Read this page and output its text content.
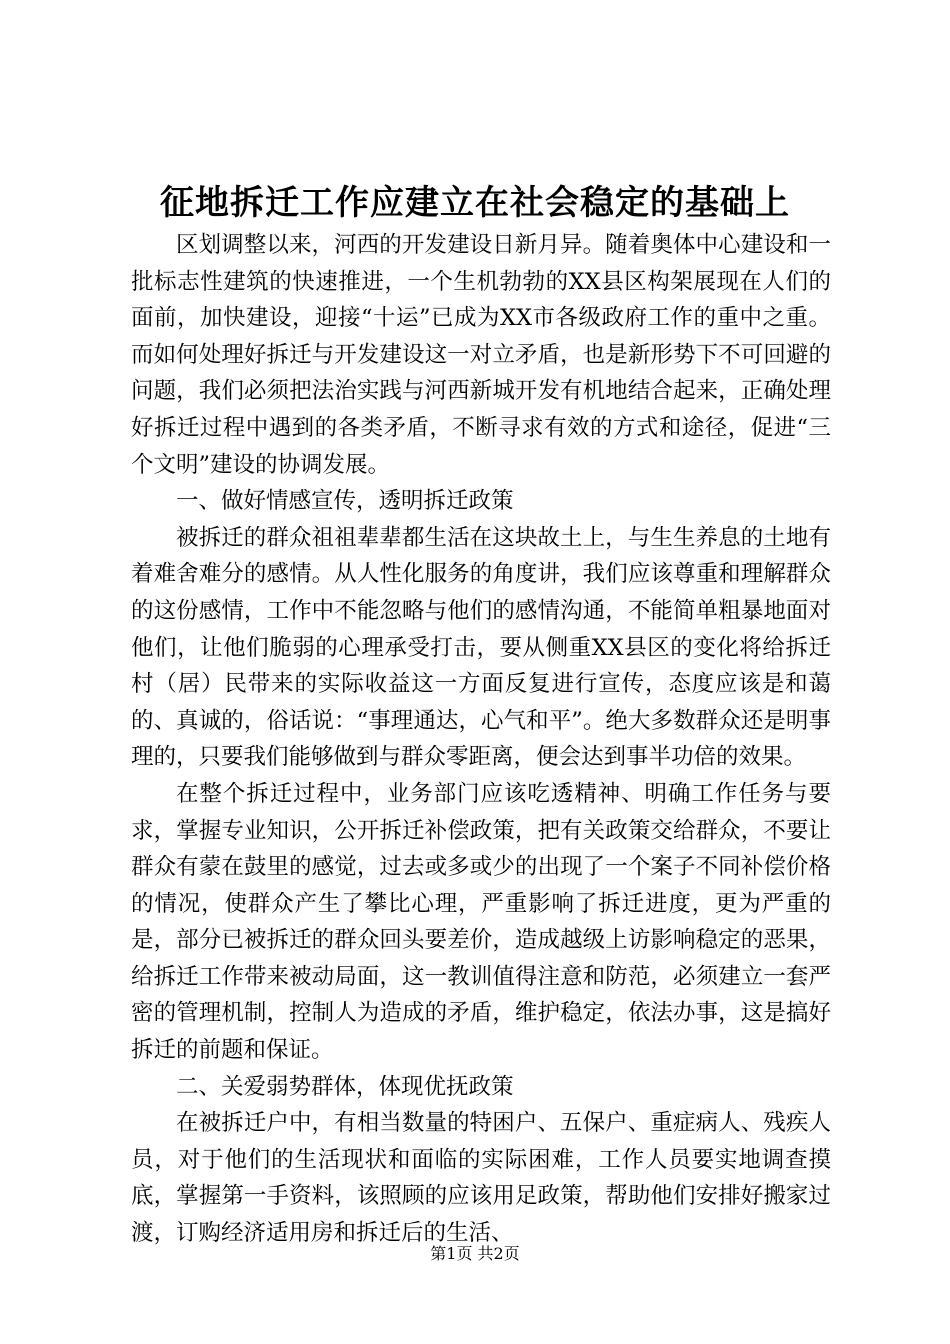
征地拆迁工作应建立在社会稳定的基础上

区划调整以来，河西的开发建设日新月异。随着奥体中心建设和一批标志性建筑的快速推进，一个生机勃勃的XX县区构架展现在人们的面前，加快建设，迎接“十运”已成为XX市各级政府工作的重中之重。而如何处理好拆迁与开发建设这一对立矛盾，也是新形势下不可回避的问题，我们必须把法治实践与河西新城开发有机地结合起来，正确处理好拆迁过程中遇到的各类矛盾，不断寻求有效的方式和途径，促进“三个文明”建设的协调发展。

一、做好情感宣传，透明拆迁政策

被拆迁的群众祖祖辈辈都生活在这块故土上，与生生养息的土地有着难舍难分的感情。从人性化服务的角度讲，我们应该尊重和理解群众的这份感情，工作中不能忽略与他们的感情沟通，不能简单粗暴地面对他们，让他们脆弱的心理承受打击，要从侧重XX县区的变化将给拆迁村（居）民带来的实际收益这一方面反复进行宣传，态度应该是和蔼的、真诚的，俗话说：“事理通达，心气和平”。绝大多数群众还是明事理的，只要我们能够做到与群众零距离，便会达到事半功倍的效果。

在整个拆迁过程中，业务部门应该吃透精神、明确工作任务与要求，掌握专业知识，公开拆迁补偿政策，把有关政策交给群众，不要让群众有蒙在鼓里的感觉，过去或多或少的出现了一个案子不同补偿价格的情况，使群众产生了攀比心理，严重影响了拆迁进度，更为严重的是，部分已被拆迁的群众回头要差价，造成越级上访影响稳定的恶果，给拆迁工作带来被动局面，这一教训值得注意和防范，必须建立一套严密的管理机制，控制人为造成的矛盾，维护稳定，依法办事，这是搞好拆迁的前题和保证。

二、关爱弱势群体，体现优抚政策

在被拆迁户中，有相当数量的特困户、五保户、重症病人、残疾人员，对于他们的生活现状和面临的实际困难，工作人员要实地调查摸底，掌握第一手资料，该照顾的应该用足政策，帮助他们安排好搬家过渡，订购经济适用房和拆迁后的生活、

第1页 共2页
